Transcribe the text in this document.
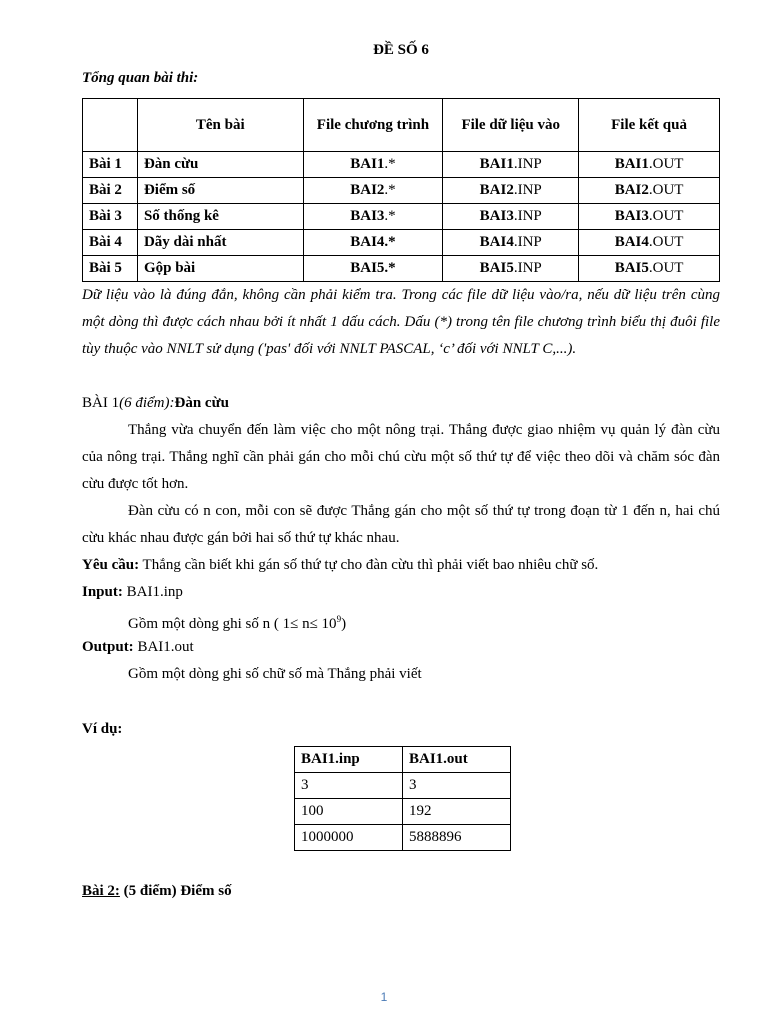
ĐỀ SỐ 6
Tổng quan bài thi:
	Tên bài	File chương trình	File dữ liệu vào	File kết quả
Bài 1	Đàn cừu	BAI1.*	BAI1.INP	BAI1.OUT
Bài 2	Điểm số	BAI2.*	BAI2.INP	BAI2.OUT
Bài 3	Số thống kê	BAI3.*	BAI3.INP	BAI3.OUT
Bài 4	Dãy dài nhất	BAI4.*	BAI4.INP	BAI4.OUT
Bài 5	Gộp bài	BAI5.*	BAI5.INP	BAI5.OUT
Dữ liệu vào là đúng đắn, không cần phải kiểm tra. Trong các file dữ liệu vào/ra, nếu dữ liệu trên cùng một dòng thì được cách nhau bởi ít nhất 1 dấu cách. Dấu (*) trong tên file chương trình biểu thị đuôi file tùy thuộc vào NNLT sử dụng ('pas' đối với NNLT PASCAL, ‘c’ đối với NNLT C,...).
BÀI 1(6 điểm):Đàn cừu
Thắng vừa chuyển đến làm việc cho một nông trại. Thắng được giao nhiệm vụ quản lý đàn cừu của nông trại. Thắng nghĩ cần phải gán cho mỗi chú cừu một số thứ tự để việc theo dõi và chăm sóc đàn cừu được tốt hơn.
Đàn cừu có n con, mỗi con sẽ được Thắng gán cho một số thứ tự trong đoạn từ 1 đến n, hai chú cừu khác nhau được gán bởi hai số thứ tự khác nhau.
Yêu cầu: Thắng cần biết khi gán số thứ tự cho đàn cừu thì phải viết bao nhiêu chữ số.
Input: BAI1.inp
Gồm một dòng ghi số n ( $1\le n\le 10^9$)
Output: BAI1.out
Gồm một dòng ghi số chữ số mà Thắng phải viết
Ví dụ:
BAI1.inp	BAI1.out
3	3
100	192
1000000	5888896
Bài 2: (5 điểm) Điểm số
1
